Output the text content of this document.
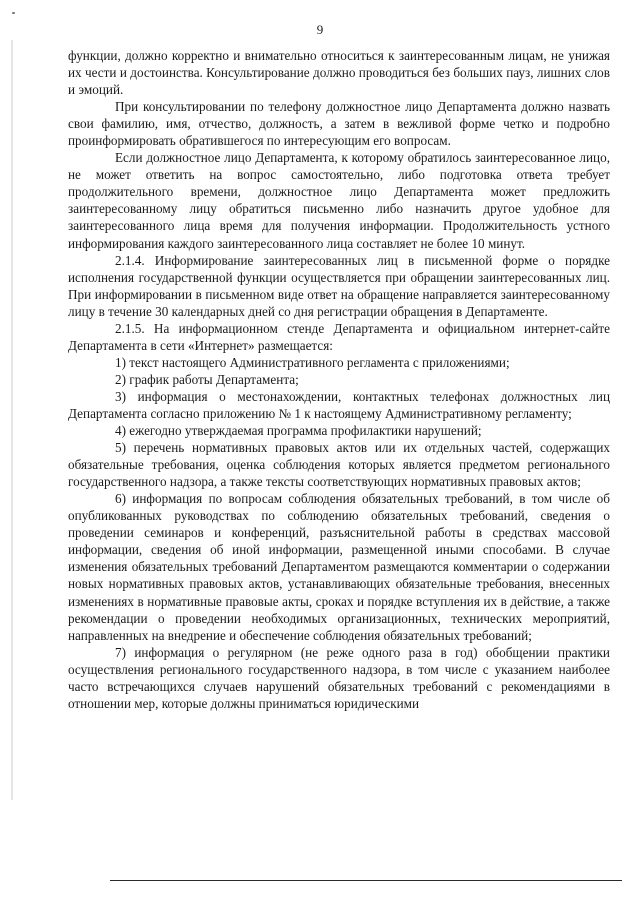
9

функции, должно корректно и внимательно относиться к заинтересованным лицам, не унижая их чести и достоинства. Консультирование должно проводиться без больших пауз, лишних слов и эмоций.

При консультировании по телефону должностное лицо Департамента должно назвать свои фамилию, имя, отчество, должность, а затем в вежливой форме четко и подробно проинформировать обратившегося по интересующим его вопросам.

Если должностное лицо Департамента, к которому обратилось заинтересованное лицо, не может ответить на вопрос самостоятельно, либо подготовка ответа требует продолжительного времени, должностное лицо Департамента может предложить заинтересованному лицу обратиться письменно либо назначить другое удобное для заинтересованного лица время для получения информации. Продолжительность устного информирования каждого заинтересованного лица составляет не более 10 минут.

2.1.4. Информирование заинтересованных лиц в письменной форме о порядке исполнения государственной функции осуществляется при обращении заинтересованных лиц. При информировании в письменном виде ответ на обращение направляется заинтересованному лицу в течение 30 календарных дней со дня регистрации обращения в Департаменте.

2.1.5. На информационном стенде Департамента и официальном интернет-сайте Департамента в сети «Интернет» размещается:

1) текст настоящего Административного регламента с приложениями;

2) график работы Департамента;

3) информация о местонахождении, контактных телефонах должностных лиц Департамента согласно приложению № 1 к настоящему Административному регламенту;

4) ежегодно утверждаемая программа профилактики нарушений;

5) перечень нормативных правовых актов или их отдельных частей, содержащих обязательные требования, оценка соблюдения которых является предметом регионального государственного надзора, а также тексты соответствующих нормативных правовых актов;

6) информация по вопросам соблюдения обязательных требований, в том числе об опубликованных руководствах по соблюдению обязательных требований, сведения о проведении семинаров и конференций, разъяснительной работы в средствах массовой информации, сведения об иной информации, размещенной иными способами. В случае изменения обязательных требований Департаментом размещаются комментарии о содержании новых нормативных правовых актов, устанавливающих обязательные требования, внесенных изменениях в нормативные правовые акты, сроках и порядке вступления их в действие, а также рекомендации о проведении необходимых организационных, технических мероприятий, направленных на внедрение и обеспечение соблюдения обязательных требований;

7) информация о регулярном (не реже одного раза в год) обобщении практики осуществления регионального государственного надзора, в том числе с указанием наиболее часто встречающихся случаев нарушений обязательных требований с рекомендациями в отношении мер, которые должны приниматься юридическими
